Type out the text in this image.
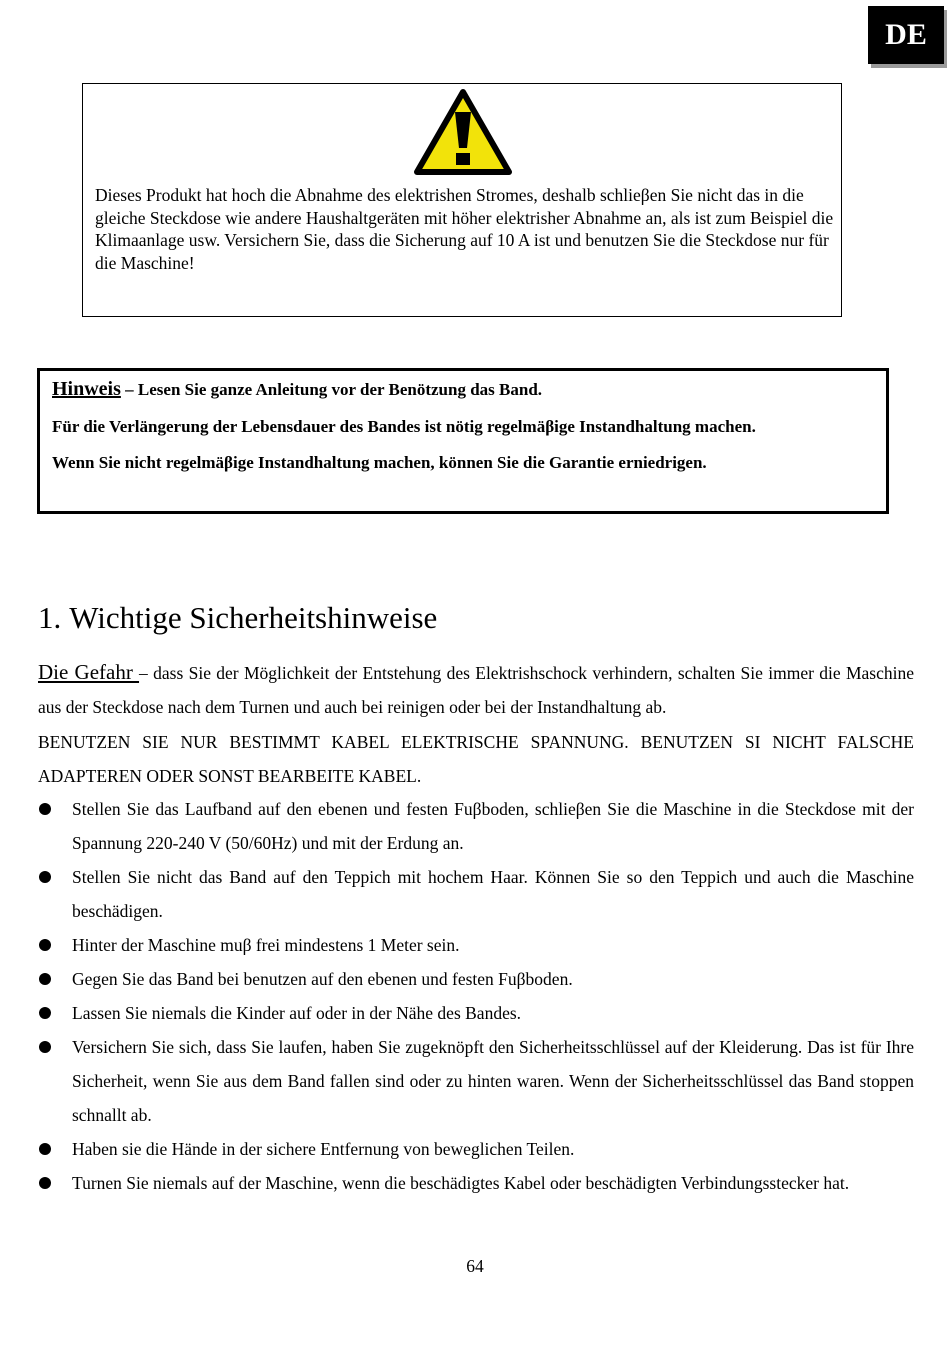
DE

Dieses Produkt hat hoch die Abnahme des elektrishen Stromes, deshalb schlieβen Sie nicht das in die gleiche Steckdose wie andere Haushaltgeräten mit höher elektrisher Abnahme an, als ist zum Beispiel die Klimaanlage usw. Versichern Sie, dass die Sicherung auf 10 A ist und benutzen Sie die Steckdose nur für die Maschine!

Hinweis – Lesen Sie ganze Anleitung vor der Benötzung das Band.

Für die Verlängerung der Lebensdauer des Bandes ist nötig regelmäβige Instandhaltung machen.

Wenn Sie nicht regelmäβige Instandhaltung machen, können Sie die Garantie erniedrigen.

1. Wichtige Sicherheitshinweise

Die Gefahr – dass Sie der Möglichkeit der Entstehung des Elektrishschock verhindern, schalten Sie immer die Maschine aus der Steckdose nach dem Turnen und auch bei reinigen oder bei der Instandhaltung ab.

BENUTZEN SIE NUR BESTIMMT KABEL ELEKTRISCHE SPANNUNG. BENUTZEN SI NICHT FALSCHE ADAPTEREN ODER SONST BEARBEITE KABEL.

Stellen Sie das Laufband auf den ebenen und festen Fuβboden, schlieβen Sie die Maschine in die Steckdose mit der Spannung 220-240 V (50/60Hz) und mit der Erdung an.
Stellen Sie nicht das Band auf den Teppich mit hochem Haar. Können Sie so den Teppich und auch die Maschine beschädigen.
Hinter der Maschine muβ frei mindestens 1 Meter sein.
Gegen Sie das Band bei benutzen auf den ebenen und festen Fuβboden.
Lassen Sie niemals die Kinder auf oder in der Nähe des Bandes.
Versichern Sie sich, dass Sie laufen, haben Sie zugeknöpft den Sicherheitsschlüssel auf der Kleiderung. Das ist für Ihre Sicherheit, wenn Sie aus dem Band fallen sind oder zu hinten waren. Wenn der Sicherheitsschlüssel das Band stoppen schnallt ab.
Haben sie die Hände in der sichere Entfernung von beweglichen Teilen.
Turnen Sie niemals auf der Maschine, wenn die beschädigtes Kabel oder beschädigten Verbindungsstecker hat.
64
